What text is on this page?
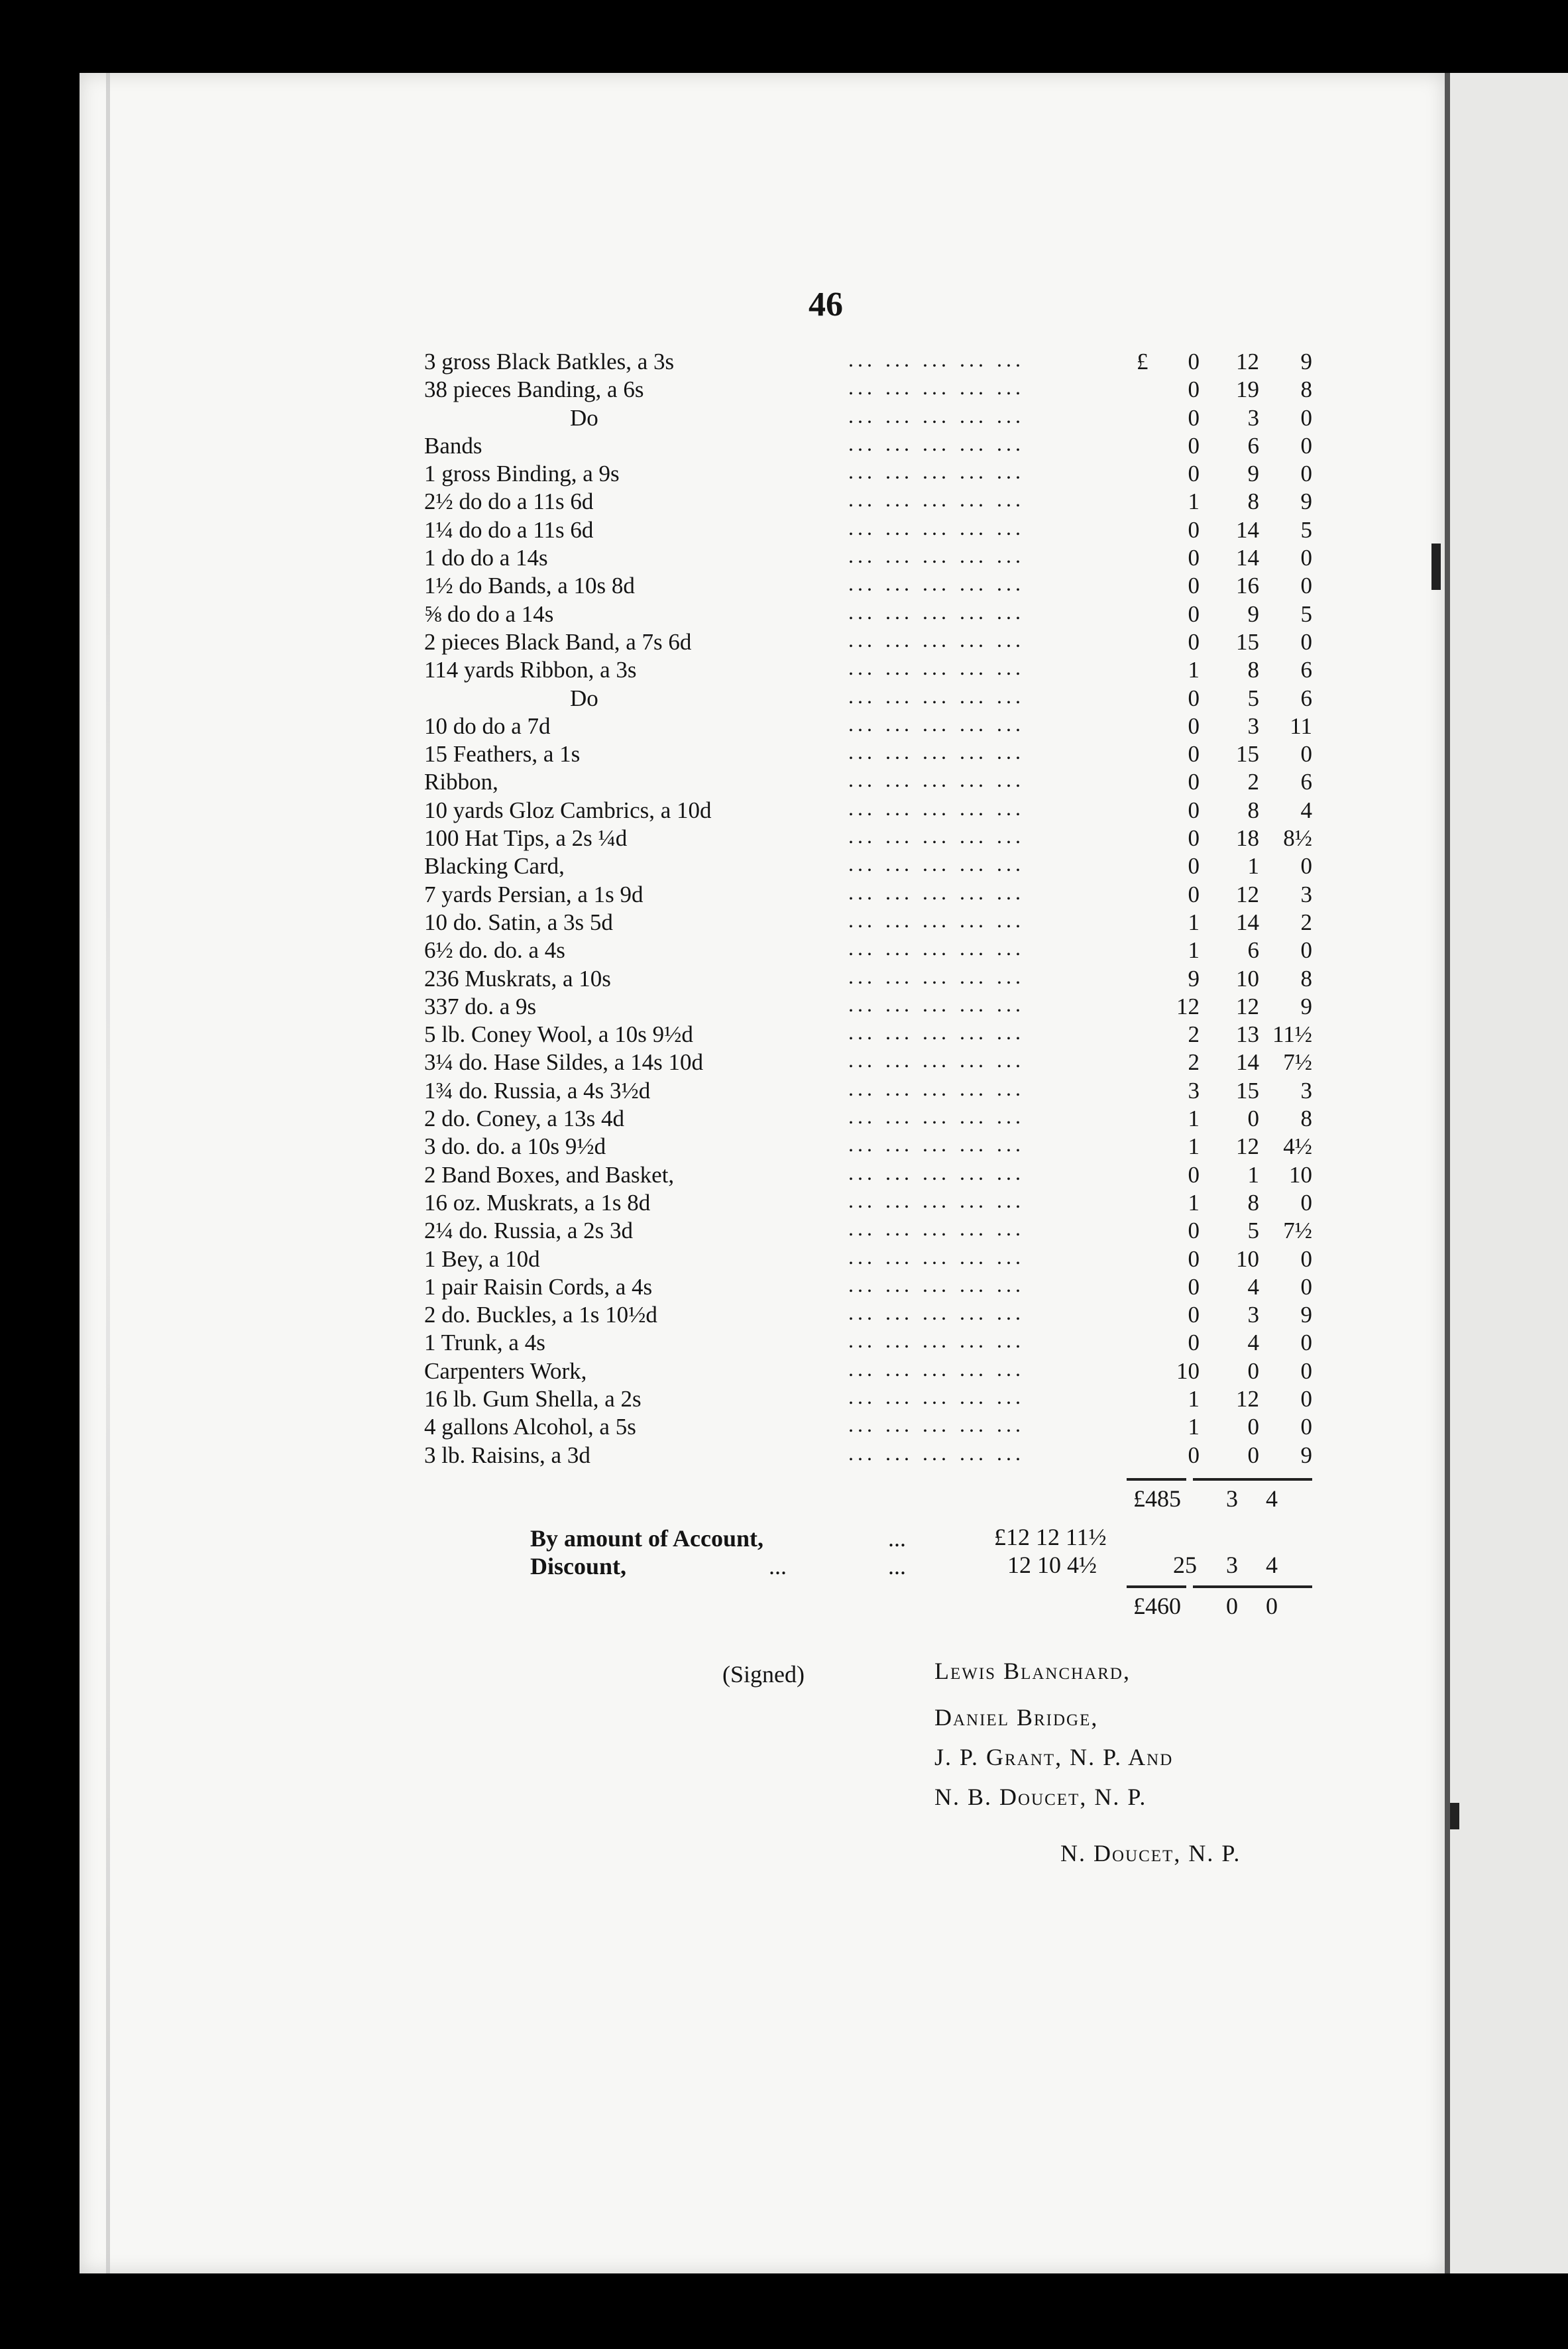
46
3 gross Black Batkles, a 3s	... ... ... ... ...	£	0	12	9
38 pieces Banding, a 6s	... ... ... ... ...	0	19	8
Do	... ... ... ... ...	0	3	0
Bands	... ... ... ... ...	0	6	0
1 gross Binding, a 9s	... ... ... ... ...	0	9	0
2½ do do a 11s 6d	... ... ... ... ...	1	8	9
1¼ do do a 11s 6d	... ... ... ... ...	0	14	5
1 do do a 14s	... ... ... ... ...	0	14	0
1½ do Bands, a 10s 8d	... ... ... ... ...	0	16	0
⅝ do do a 14s	... ... ... ... ...	0	9	5
2 pieces Black Band, a 7s 6d	... ... ... ... ...	0	15	0
114 yards Ribbon, a 3s	... ... ... ... ...	1	8	6
Do	... ... ... ... ...	0	5	6
10 do do a 7d	... ... ... ... ...	0	3	11
15 Feathers, a 1s	... ... ... ... ...	0	15	0
Ribbon,	... ... ... ... ...	0	2	6
10 yards Gloz Cambrics, a 10d	... ... ... ... ...	0	8	4
100 Hat Tips, a 2s ¼d	... ... ... ... ...	0	18	8½
Blacking Card,	... ... ... ... ...	0	1	0
7 yards Persian, a 1s 9d	... ... ... ... ...	0	12	3
10 do. Satin, a 3s 5d	... ... ... ... ...	1	14	2
6½ do. do. a 4s	... ... ... ... ...	1	6	0
236 Muskrats, a 10s	... ... ... ... ...	9	10	8
337 do. a 9s	... ... ... ... ...	12	12	9
5 lb. Coney Wool, a 10s 9½d	... ... ... ... ...	2	13 11½
3¼ do. Hase Sildes, a 14s 10d	... ... ... ... ...	2	14	7½
1¾ do. Russia, a 4s 3½d	... ... ... ... ...	3	15	3
2 do. Coney, a 13s 4d	... ... ... ... ...	1	0	8
3 do. do. a 10s 9½d	... ... ... ... ...	1	12	4½
2 Band Boxes, and Basket,	... ... ... ... ...	0	1	10
16 oz. Muskrats, a 1s 8d	... ... ... ... ...	1	8	0
2¼ do. Russia, a 2s 3d	... ... ... ... ...	0	5	7½
1 Bey, a 10d	... ... ... ... ...	0	10	0
1 pair Raisin Cords, a 4s	... ... ... ... ...	0	4	0
2 do. Buckles, a 1s 10½d	... ... ... ... ...	0	3	9
1 Trunk, a 4s	... ... ... ... ...	0	4	0
Carpenters Work,	... ... ... ... ...	10	0	0
16 lb. Gum Shella, a 2s	... ... ... ... ...	1	12	0
4 gallons Alcohol, a 5s	... ... ... ... ...	1	0	0
3 lb. Raisins, a 3d	... ... ... ... ...	0	0	9
£485 3 4
By amount of Account,	...	£12 12 11½
Discount,	...	...	12 10 4½	25 3 4
£460 0 0
(Signed)	Lewis Blanchard,
Daniel Bridge,
J. P. Grant, N. P. And
N. B. Doucet, N. P.
N. Doucet, N. P.
